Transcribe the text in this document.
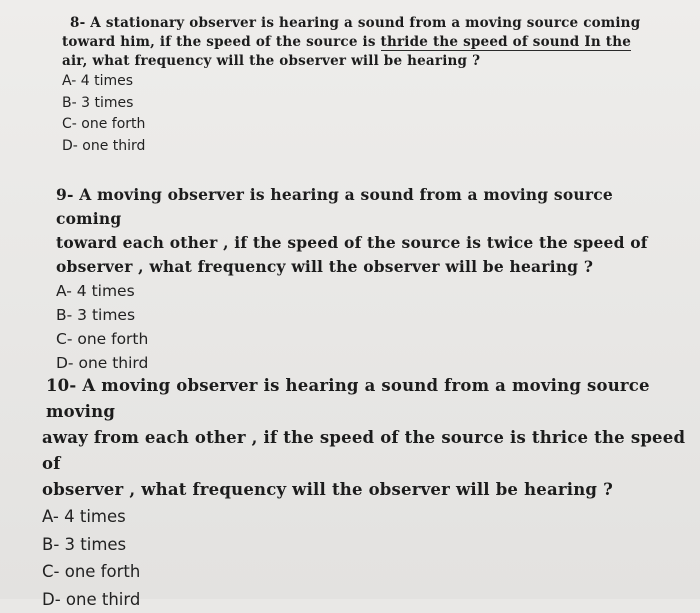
8- A stationary observer is hearing a sound from a moving source coming
toward him, if the speed of the source is thride the speed of sound In the
air, what frequency will the observer will be hearing ?
A- 4 times
B- 3 times
C- one forth
D- one third
9- A moving observer is hearing a sound from a moving source coming
toward each other , if the speed of the source is twice the speed of
observer , what frequency will the observer will be hearing ?
A- 4 times
B- 3 times
C- one forth
D- one third
10- A moving observer is hearing a sound from a moving source moving
away from each other , if the speed of the source is thrice the speed of
observer , what frequency will the observer will be hearing ?
A- 4 times
B- 3 times
C- one forth
D- one third
